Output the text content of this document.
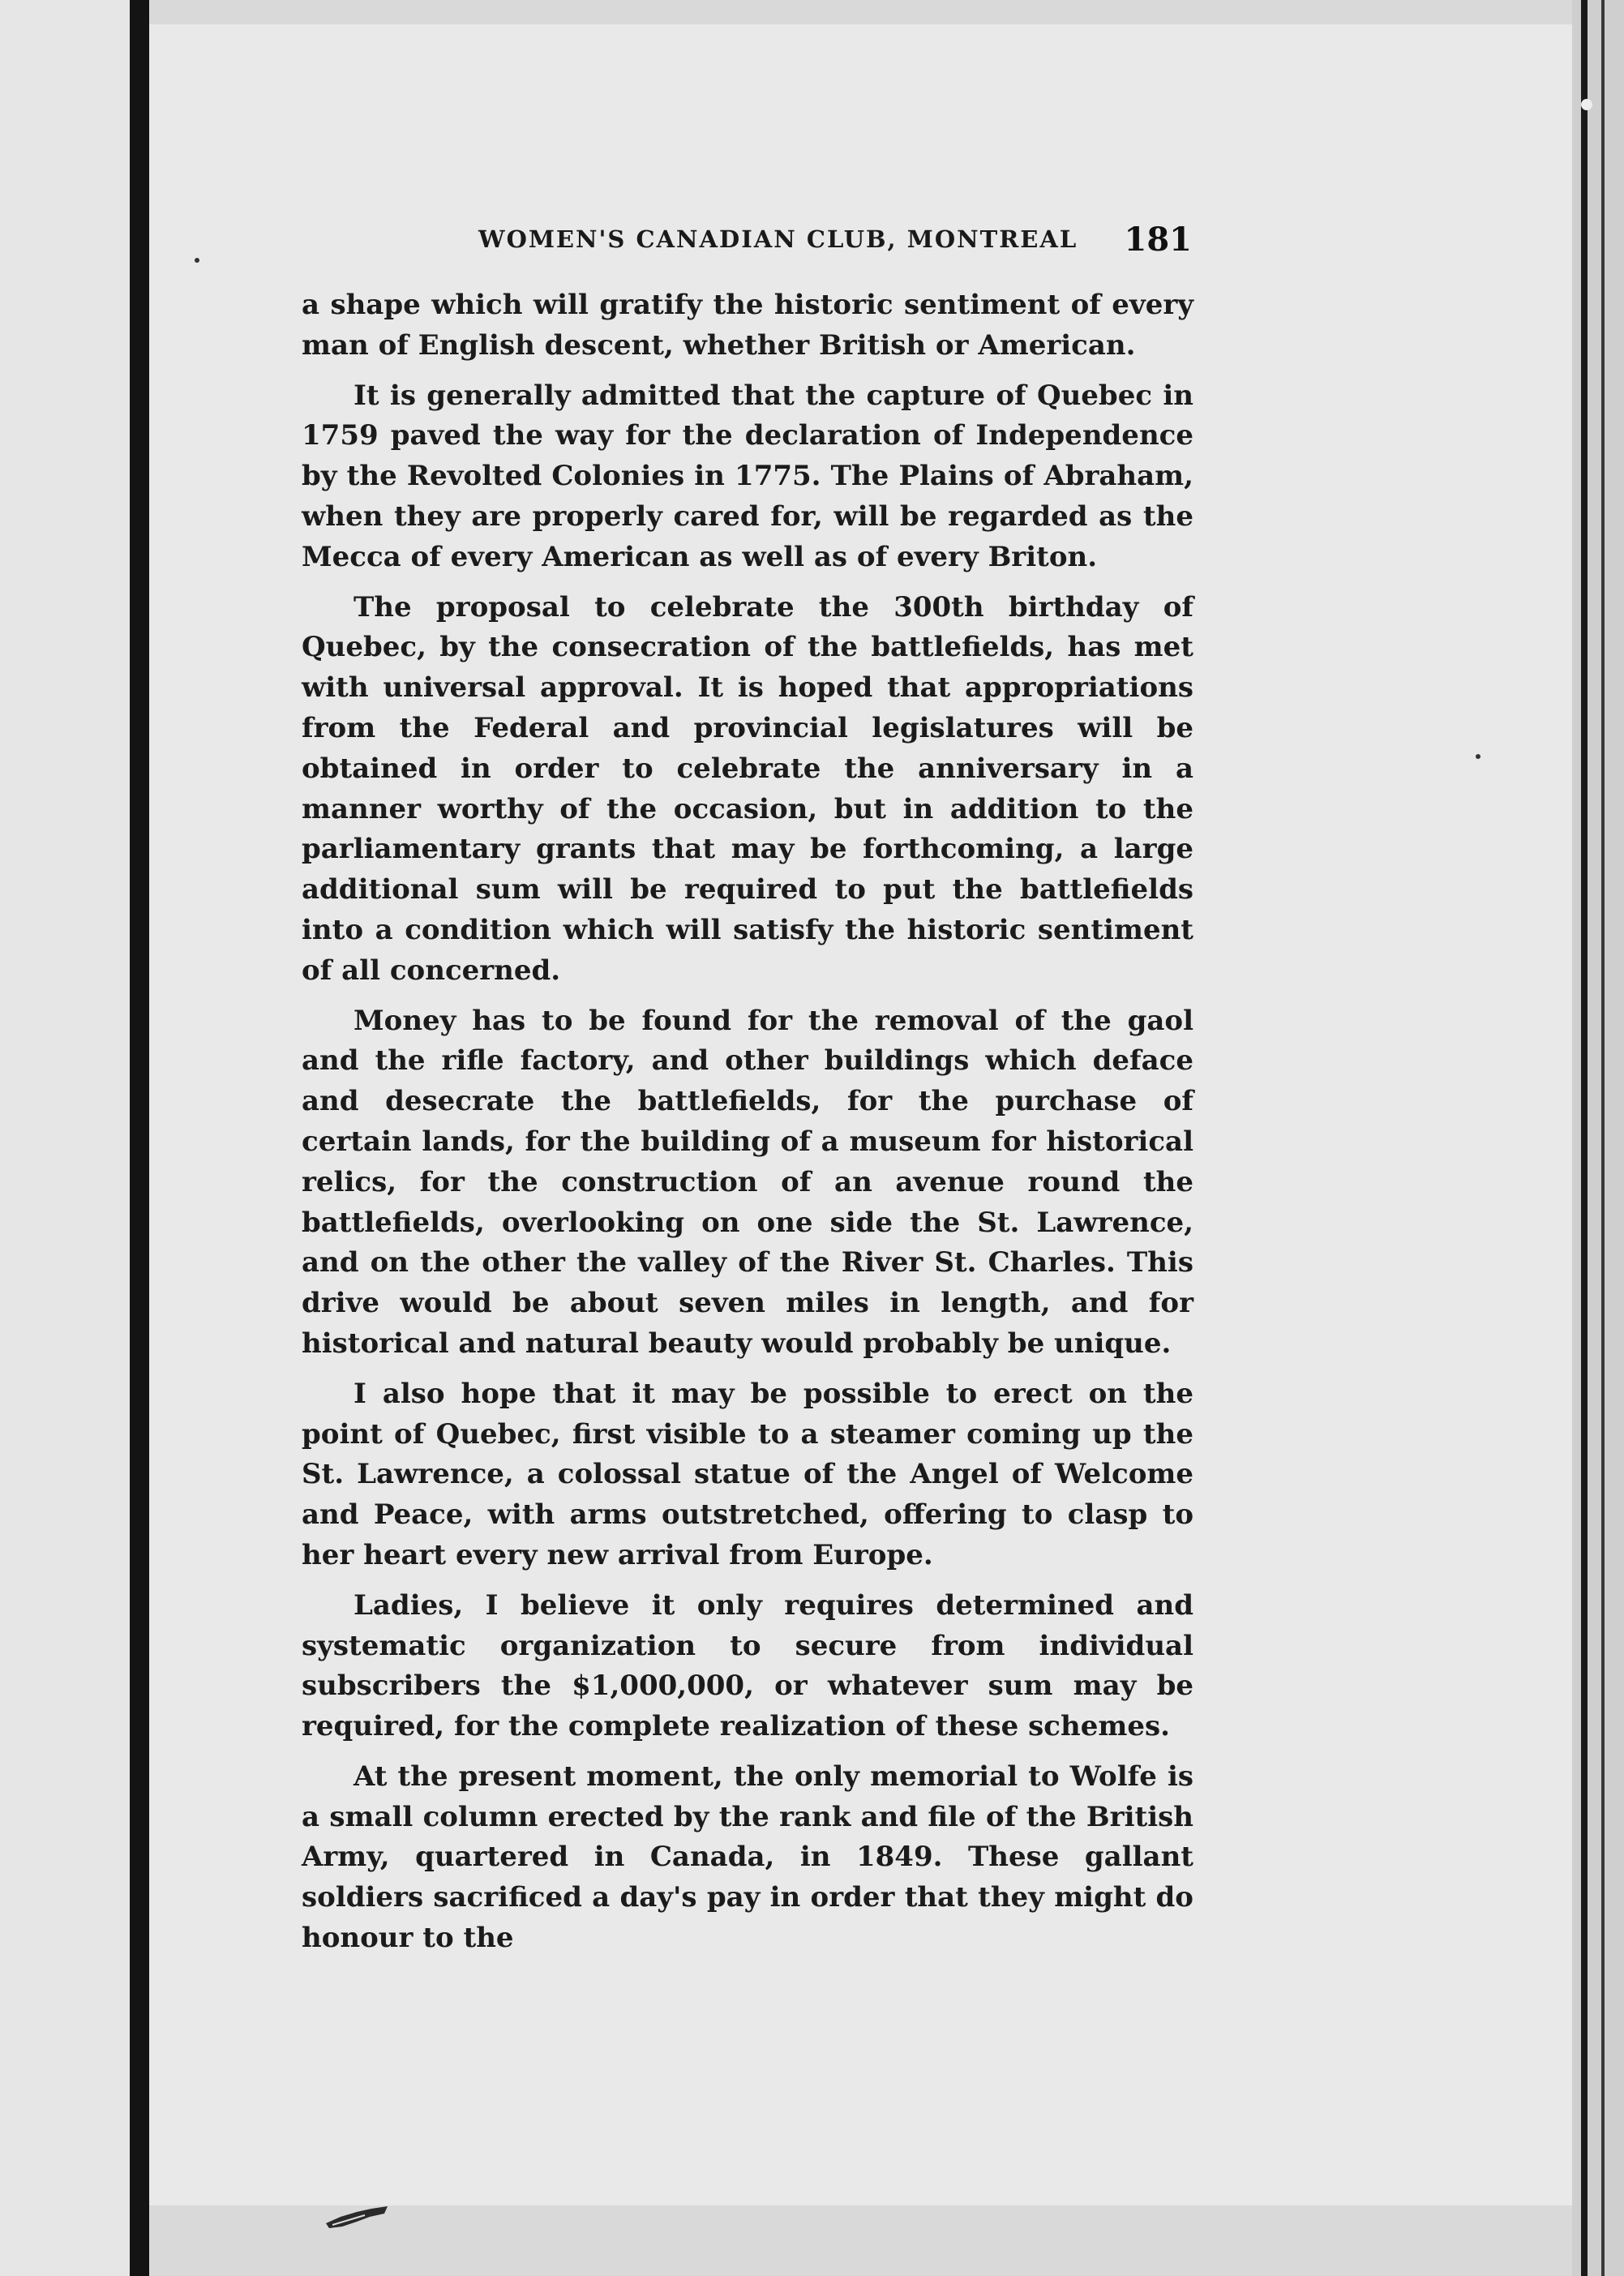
WOMEN'S CANADIAN CLUB, MONTREAL 181

a shape which will gratify the historic sentiment of every man of English descent, whether British or American.

It is generally admitted that the capture of Quebec in 1759 paved the way for the declaration of Independence by the Revolted Colonies in 1775. The Plains of Abraham, when they are properly cared for, will be regarded as the Mecca of every American as well as of every Briton.

The proposal to celebrate the 300th birthday of Quebec, by the consecration of the battlefields, has met with universal approval. It is hoped that appropriations from the Federal and provincial legislatures will be obtained in order to celebrate the anniversary in a manner worthy of the occasion, but in addition to the parliamentary grants that may be forthcoming, a large additional sum will be required to put the battlefields into a condition which will satisfy the historic sentiment of all concerned.

Money has to be found for the removal of the gaol and the rifle factory, and other buildings which deface and desecrate the battlefields, for the purchase of certain lands, for the building of a museum for historical relics, for the construction of an avenue round the battlefields, overlooking on one side the St. Lawrence, and on the other the valley of the River St. Charles. This drive would be about seven miles in length, and for historical and natural beauty would probably be unique.

I also hope that it may be possible to erect on the point of Quebec, first visible to a steamer coming up the St. Lawrence, a colossal statue of the Angel of Welcome and Peace, with arms outstretched, offering to clasp to her heart every new arrival from Europe.

Ladies, I believe it only requires determined and systematic organization to secure from individual subscribers the $1,000,000, or whatever sum may be required, for the complete realization of these schemes.

At the present moment, the only memorial to Wolfe is a small column erected by the rank and file of the British Army, quartered in Canada, in 1849. These gallant soldiers sacrificed a day's pay in order that they might do honour to the
